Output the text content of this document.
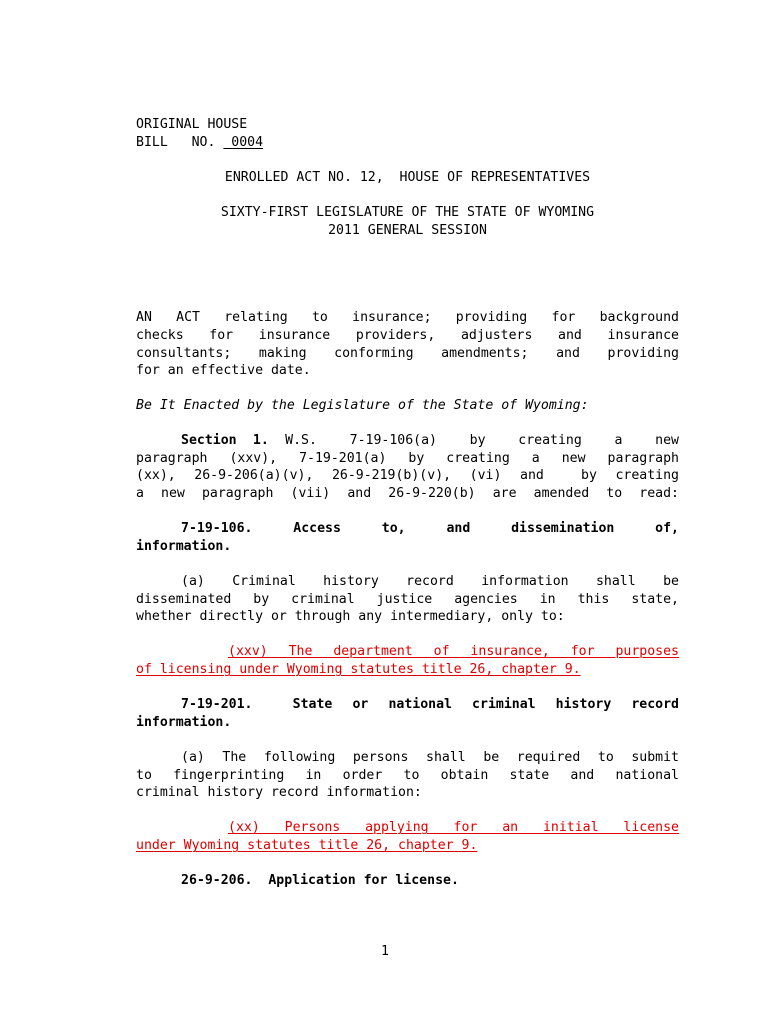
ORIGINAL HOUSE
BILL   NO.  0004
ENROLLED ACT NO. 12,  HOUSE OF REPRESENTATIVES
SIXTY-FIRST LEGISLATURE OF THE STATE OF WYOMING
2011 GENERAL SESSION
AN ACT relating to insurance; providing for background
checks for insurance providers, adjusters and insurance
consultants; making conforming amendments; and providing
for an effective date.
Be It Enacted by the Legislature of the State of Wyoming:
Section 1. W.S.  7-19-106(a)  by  creating  a  new
paragraph (xxv), 7-19-201(a) by creating a new paragraph
(xx), 26-9-206(a)(v), 26-9-219(b)(v), (vi) and  by creating
a new paragraph (vii) and 26-9-220(b) are amended to read:
7-19-106.  Access  to,  and  dissemination  of,
information.
(a) Criminal history record information shall be
disseminated by criminal justice agencies in this state,
whether directly or through any intermediary, only to:
(xxv) The department of insurance, for purposes
of licensing under Wyoming statutes title 26, chapter 9.
7-19-201.  State or national criminal history record
information.
(a) The following persons shall be required to submit
to fingerprinting in order to obtain state and national
criminal history record information:
(xx) Persons applying for an initial license
under Wyoming statutes title 26, chapter 9.
26-9-206.  Application for license.
1
